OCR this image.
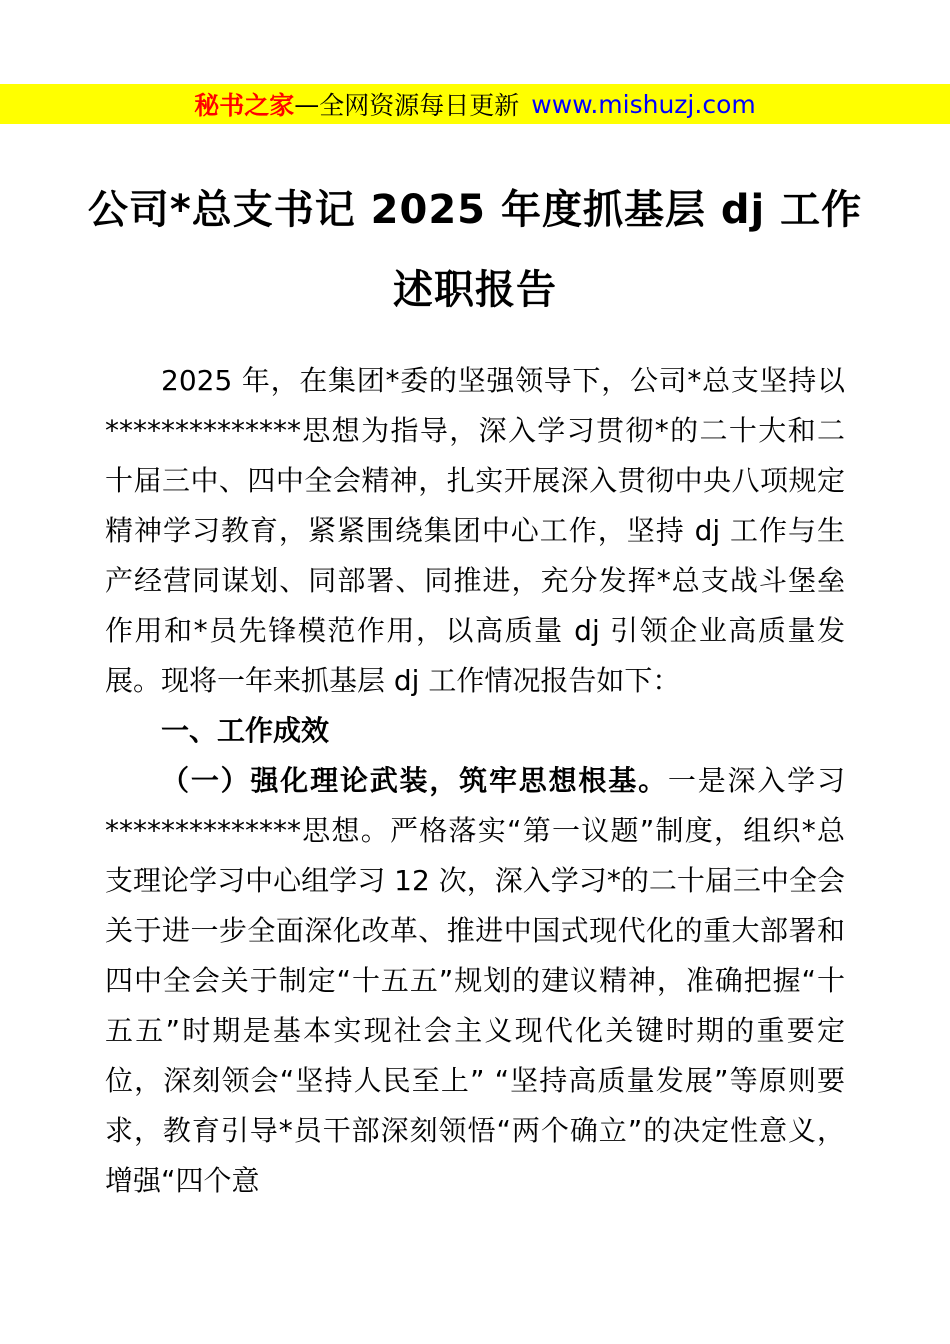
秘书之家 — 全网资源每日更新 www.mishuzj.com
公司*总支书记 2025 年度抓基层 dj 工作
述职报告

2025 年，在集团*委的坚强领导下，公司*总支坚持以**************思想为指导，深入学习贯彻*的二十大和二十届三中、四中全会精神，扎实开展深入贯彻中央八项规定精神学习教育，紧紧围绕集团中心工作，坚持 dj 工作与生产经营同谋划、同部署、同推进，充分发挥*总支战斗堡垒作用和*员先锋模范作用，以高质量 dj 引领企业高质量发展。现将一年来抓基层 dj 工作情况报告如下：

一、工作成效

（一）强化理论武装，筑牢思想根基。一是深入学习**************思想。严格落实“第一议题”制度，组织*总支理论学习中心组学习 12 次，深入学习*的二十届三中全会关于进一步全面深化改革、推进中国式现代化的重大部署和四中全会关于制定“十五五”规划的建议精神，准确把握“十五五”时期是基本实现社会主义现代化关键时期的重要定位，深刻领会“坚持人民至上” “坚持高质量发展”等原则要求，教育引导*员干部深刻领悟“两个确立”的决定性意义，增强“四个意
